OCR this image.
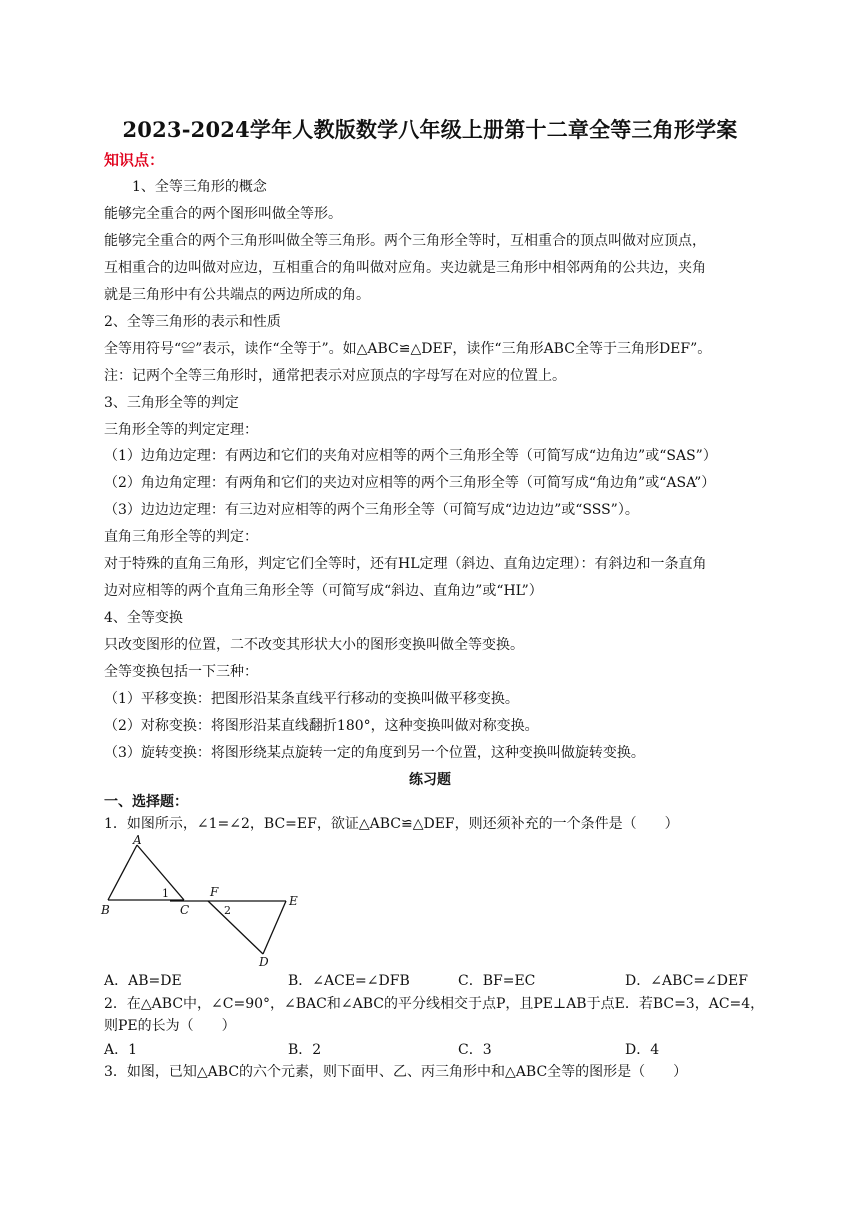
2023-2024学年人教版数学八年级上册第十二章全等三角形学案
知识点：
1、全等三角形的概念
能够完全重合的两个图形叫做全等形。
能够完全重合的两个三角形叫做全等三角形。两个三角形全等时，互相重合的顶点叫做对应顶点，
互相重合的边叫做对应边，互相重合的角叫做对应角。夹边就是三角形中相邻两角的公共边，夹角
就是三角形中有公共端点的两边所成的角。
2、全等三角形的表示和性质
全等用符号“≌”表示，读作“全等于”。如△ABC≌△DEF，读作“三角形ABC全等于三角形DEF”。
注：记两个全等三角形时，通常把表示对应顶点的字母写在对应的位置上。
3、三角形全等的判定
三角形全等的判定定理：
（1）边角边定理：有两边和它们的夹角对应相等的两个三角形全等（可简写成“边角边”或“SAS”）
（2）角边角定理：有两角和它们的夹边对应相等的两个三角形全等（可简写成“角边角”或“ASA”）
（3）边边边定理：有三边对应相等的两个三角形全等（可简写成“边边边”或“SSS”）。
直角三角形全等的判定：
对于特殊的直角三角形，判定它们全等时，还有HL定理（斜边、直角边定理）：有斜边和一条直角
边对应相等的两个直角三角形全等（可简写成“斜边、直角边”或“HL”）
4、全等变换
只改变图形的位置，二不改变其形状大小的图形变换叫做全等变换。
全等变换包括一下三种：
（1）平移变换：把图形沿某条直线平行移动的变换叫做平移变换。
（2）对称变换：将图形沿某直线翻折180°，这种变换叫做对称变换。
（3）旋转变换：将图形绕某点旋转一定的角度到另一个位置，这种变换叫做旋转变换。
练习题
一、选择题：
1．如图所示，∠1=∠2，BC=EF，欲证△ABC≌△DEF，则还须补充的一个条件是（　　）
A
B	C
F
E
D
1
2
A．AB=DE	B．∠ACE=∠DFB	C．BF=EC	D．∠ABC=∠DEF
2．在△ABC中，∠C=90°，∠BAC和∠ABC的平分线相交于点P，且PE⊥AB于点E．若BC=3，AC=4，
则PE的长为（　　）
A．1	B．2	C．3	D．4
3．如图，已知△ABC的六个元素，则下面甲、乙、丙三角形中和△ABC全等的图形是（　　）
